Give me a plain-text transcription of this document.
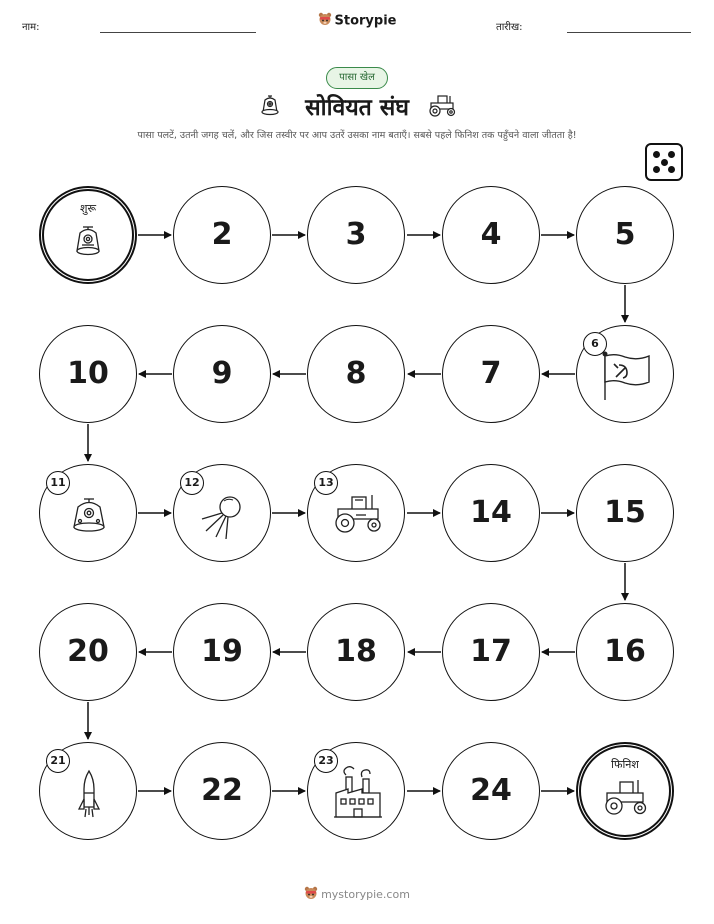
नाम:	Storypie	तारीख:
पासा खेल
सोवियत संघ
पासा पलटें, उतनी जगह चलें, और जिस तस्वीर पर आप उतरें उसका नाम बताएँ। सबसे पहले फिनिश तक पहुँचने वाला जीतता है!
शुरू
2	3	4	5
10	9	8	7
6
11	12	13
14	15
20	19	18	17	16
21
22
23
24
फिनिश
mystorypie.com
